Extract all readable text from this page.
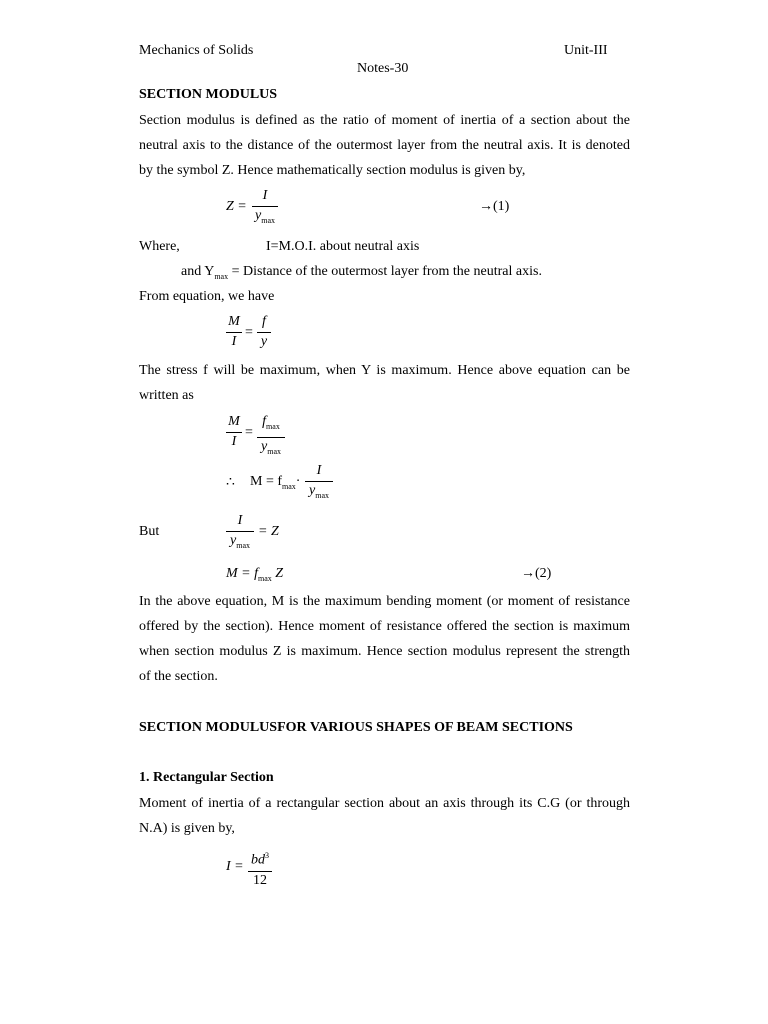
Mechanics of Solids	Unit-III
Notes-30
SECTION MODULUS
Section modulus is defined as the ratio of moment of inertia of a section about the
neutral axis to the distance of the outermost layer from the neutral axis. It is denoted
by the symbol Z. Hence mathematically section modulus is given by,
Z =
I
$y_{max}$
→(1)
Where,	I=M.O.I. about neutral axis
and $Y_{max}$ = Distance of the outermost layer from the neutral axis.
From equation, we have
M
I
=
f
y
The stress f will be maximum, when Y is maximum. Hence above equation can be
written as
M
I
=
$f_{max}$
$y_{max}$
∴ $M = f_{max}\cdot$
I
$y_{max}$
But
I
$y_{max}$
= Z
$M = f_{max}$ Z	→(2)
In the above equation, M is the maximum bending moment (or moment of resistance
offered by the section). Hence moment of resistance offered the section is maximum
when section modulus Z is maximum. Hence section modulus represent the strength
of the section.
SECTION MODULUSFOR VARIOUS SHAPES OF BEAM SECTIONS
1. Rectangular Section
Moment of inertia of a rectangular section about an axis through its C.G (or through
N.A) is given by,
$I = bd^3$
12
